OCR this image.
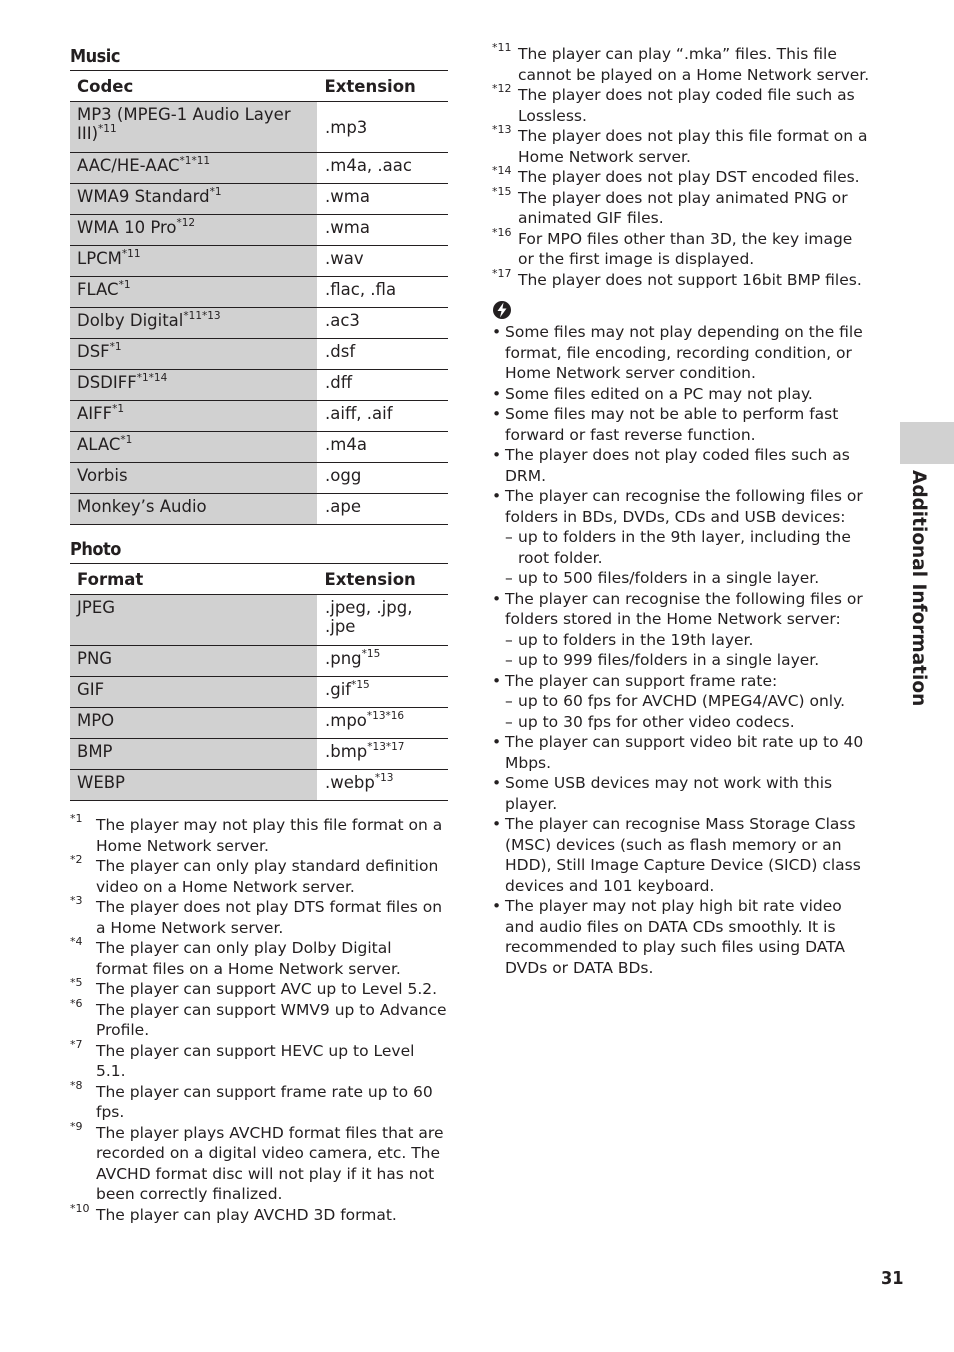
Music
Codec	Extension
MP3 (MPEG-1 Audio Layer III)$^{*11}$	.mp3
AAC/$HE-AAC^{*1*11}$	.m4a, .aac
WMA9 Standard$^{*1}$	.wma
WMA 10 Pro$^{*12}$	.wma
LPCM$^{*11}$	.wav
FLAC$^{*1}$	.flac, .fla
Dolby Digital$^{*11*13}$	.ac3
DSF$^{*1}$	.dsf
$DSDIFF^{*1*14}$	.dff
AIFF$^{*1}$	.aiff, .aif
ALAC$^{*1}$	.m4a
Vorbis	.ogg
Monkey’s Audio	.ape
Photo
Format	Extension
JPEG	.jpeg, .jpg, .jpe
PNG	.png$^{*15}$
GIF	.gif$^{*15}$
MPO	.mpo$^{*13*16}$
BMP	.bmp$^{*13*17}$
WEBP	.webp$^{*13}$
*1 The player may not play this file format on a Home Network server.
*2 The player can only play standard definition video on a Home Network server.
*3 The player does not play DTS format files on a Home Network server.
*4 The player can only play Dolby Digital format files on a Home Network server.
*5 The player can support AVC up to Level 5.2.
*6 The player can support WMV9 up to Advance Profile.
*7 The player can support HEVC up to Level 5.1.
*8 The player can support frame rate up to 60 fps.
*9 The player plays AVCHD format files that are recorded on a digital video camera, etc. The AVCHD format disc will not play if it has not been correctly finalized.
*10 The player can play AVCHD 3D format.
*11 The player can play “.mka” files. This file cannot be played on a Home Network server.
*12 The player does not play coded file such as Lossless.
*13 The player does not play this file format on a Home Network server.
*14 The player does not play DST encoded files.
*15 The player does not play animated PNG or animated GIF files.
*16 For MPO files other than 3D, the key image or the first image is displayed.
*17 The player does not support 16bit BMP files.
• Some files may not play depending on the file format, file encoding, recording condition, or Home Network server condition.
• Some files edited on a PC may not play.
• Some files may not be able to perform fast forward or fast reverse function.
• The player does not play coded files such as DRM.
• The player can recognise the following files or folders in BDs, DVDs, CDs and USB devices:
– up to folders in the 9th layer, including the root folder.
– up to 500 files/folders in a single layer.
• The player can recognise the following files or folders stored in the Home Network server:
– up to folders in the 19th layer.
– up to 999 files/folders in a single layer.
• The player can support frame rate:
– up to 60 fps for AVCHD (MPEG4/AVC) only.
– up to 30 fps for other video codecs.
• The player can support video bit rate up to 40 Mbps.
• Some USB devices may not work with this player.
• The player can recognise Mass Storage Class (MSC) devices (such as flash memory or an HDD), Still Image Capture Device (SICD) class devices and 101 keyboard.
• The player may not play high bit rate video and audio files on DATA CDs smoothly. It is recommended to play such files using DATA DVDs or DATA BDs.
Additional Information
31
